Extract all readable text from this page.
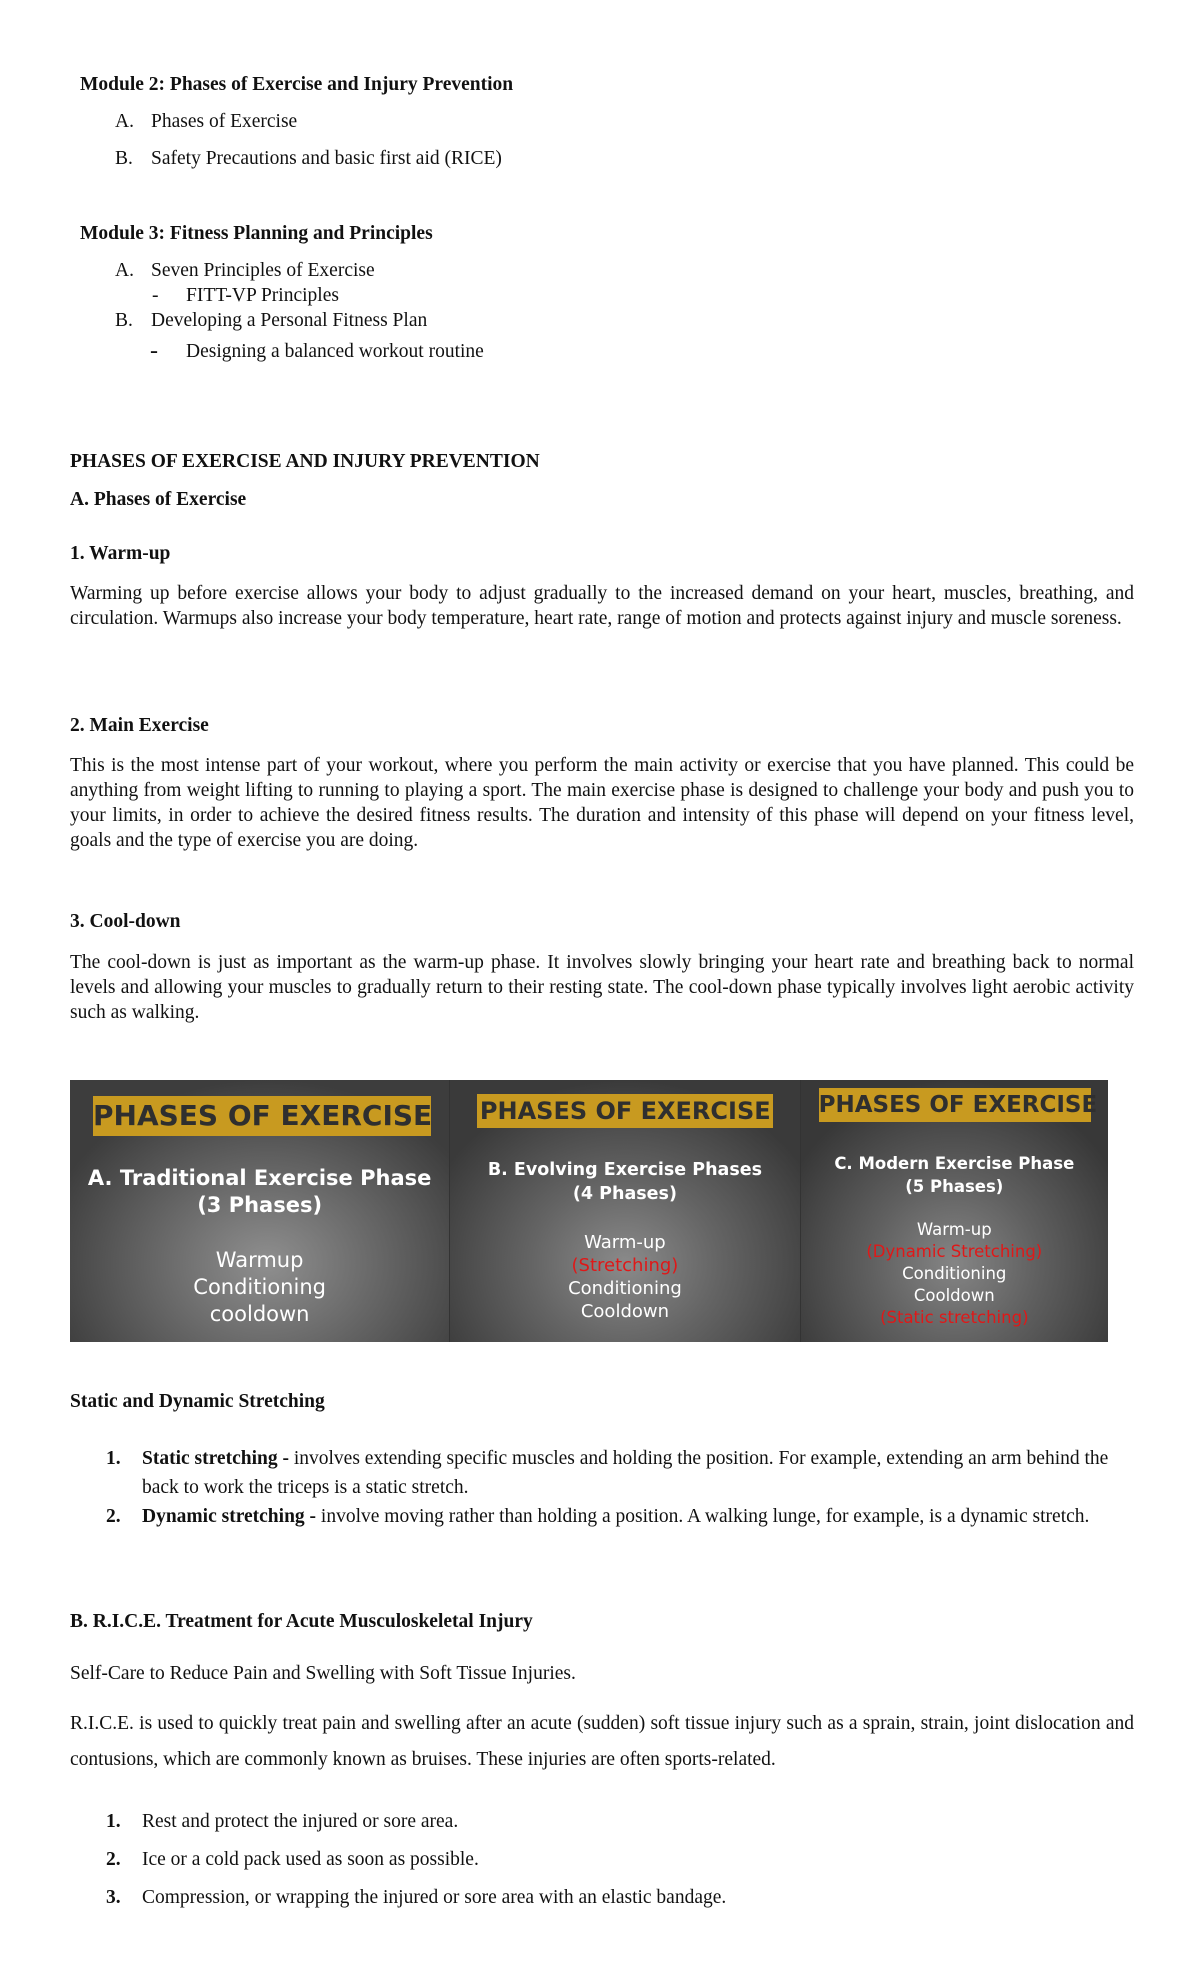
Module 2: Phases of Exercise and Injury Prevention
A. Phases of Exercise
B. Safety Precautions and basic first aid (RICE)
Module 3: Fitness Planning and Principles
A. Seven Principles of Exercise
- FITT-VP Principles
B. Developing a Personal Fitness Plan
- Designing a balanced workout routine
PHASES OF EXERCISE AND INJURY PREVENTION
A. Phases of Exercise
1. Warm-up

Warming up before exercise allows your body to adjust gradually to the increased demand on your heart, muscles, breathing, and circulation. Warmups also increase your body temperature, heart rate, range of motion and protects against injury and muscle soreness.

2. Main Exercise

This is the most intense part of your workout, where you perform the main activity or exercise that you have planned. This could be anything from weight lifting to running to playing a sport. The main exercise phase is designed to challenge your body and push you to your limits, in order to achieve the desired fitness results. The duration and intensity of this phase will depend on your fitness level, goals and the type of exercise you are doing.

3. Cool-down

The cool-down is just as important as the warm-up phase. It involves slowly bringing your heart rate and breathing back to normal levels and allowing your muscles to gradually return to their resting state. The cool-down phase typically involves light aerobic activity such as walking.

PHASES OF EXERCISE
A. Traditional Exercise Phase
(3 Phases)
Warmup
Conditioning
cooldown
PHASES OF EXERCISE
B. Evolving Exercise Phases
(4 Phases)
Warm-up
(Stretching)
Conditioning
Cooldown
PHASES OF EXERCISE
C. Modern Exercise Phase
(5 Phases)
Warm-up
(Dynamic Stretching)
Conditioning
Cooldown
(Static stretching)
Static and Dynamic Stretching
1. Static stretching - involves extending specific muscles and holding the position. For example, extending an arm behind the back to work the triceps is a static stretch.
2. Dynamic stretching - involve moving rather than holding a position. A walking lunge, for example, is a dynamic stretch.
B. R.I.C.E. Treatment for Acute Musculoskeletal Injury
Self-Care to Reduce Pain and Swelling with Soft Tissue Injuries.

R.I.C.E. is used to quickly treat pain and swelling after an acute (sudden) soft tissue injury such as a sprain, strain, joint dislocation and contusions, which are commonly known as bruises. These injuries are often sports-related.

1. Rest and protect the injured or sore area.
2. Ice or a cold pack used as soon as possible.
3. Compression, or wrapping the injured or sore area with an elastic bandage.
